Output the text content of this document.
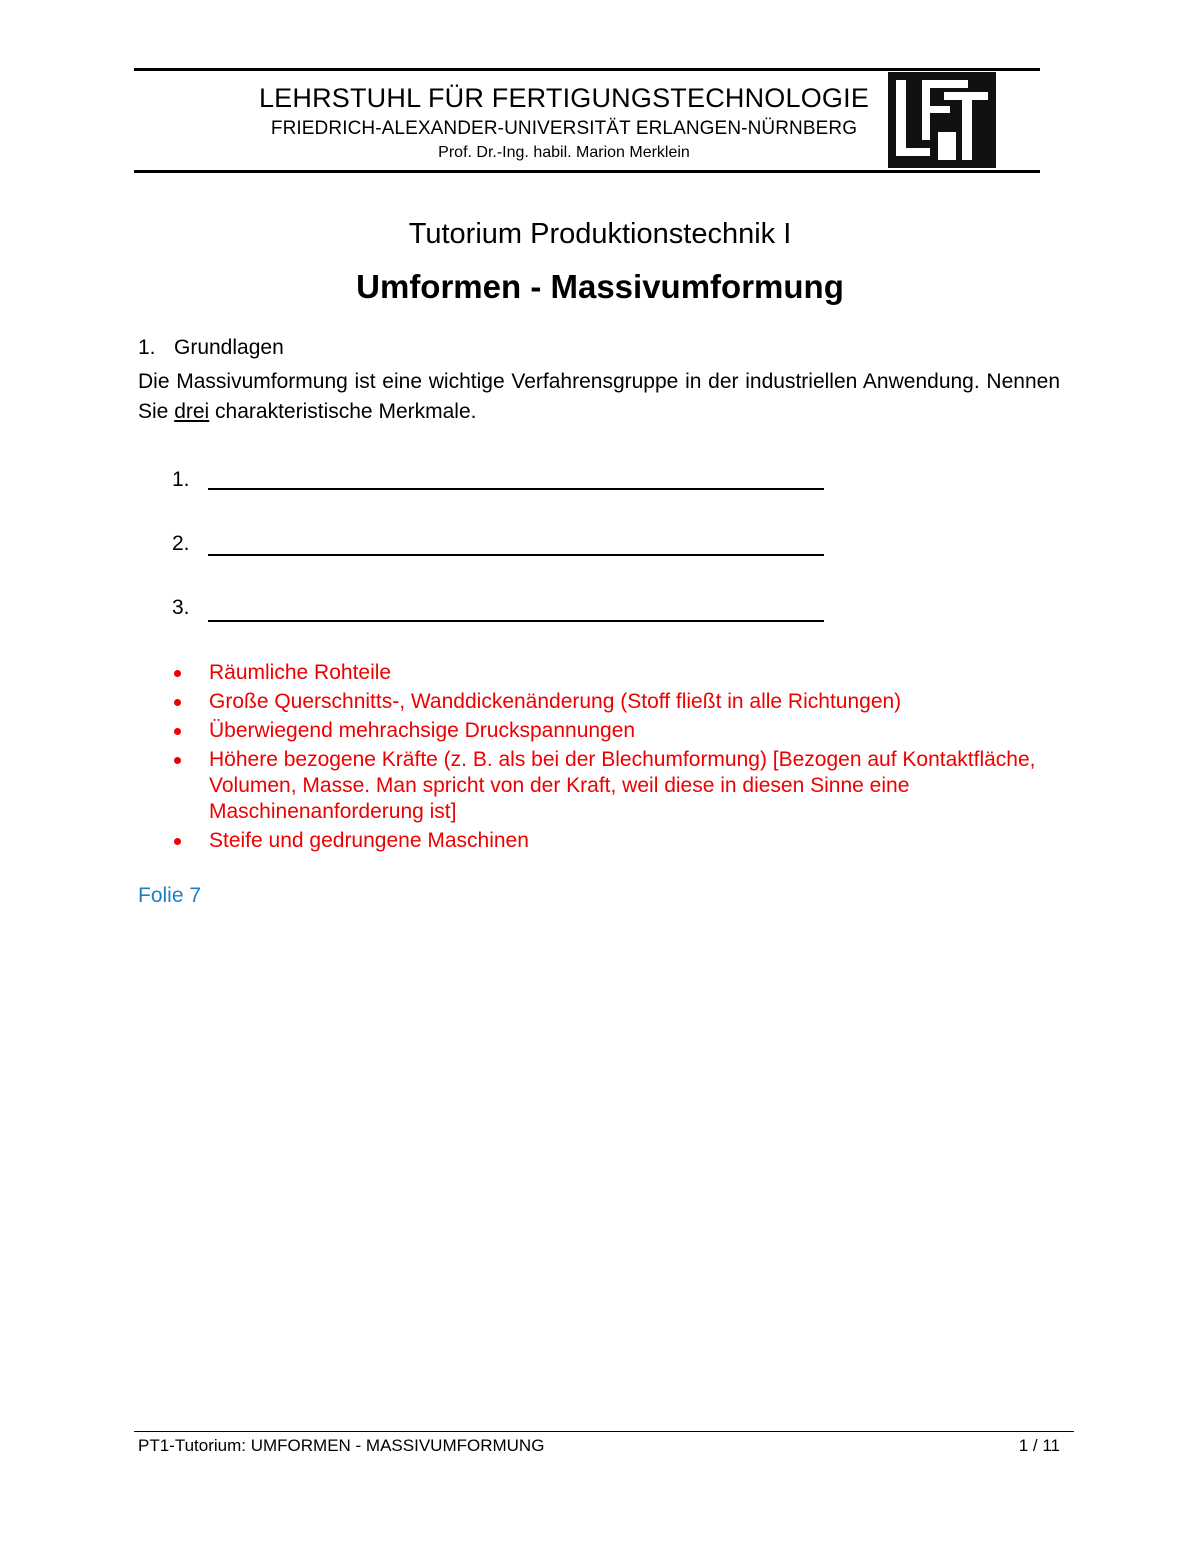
LEHRSTUHL FÜR FERTIGUNGSTECHNOLOGIE
FRIEDRICH-ALEXANDER-UNIVERSITÄT ERLANGEN-NÜRNBERG
Prof. Dr.-Ing. habil. Marion Merklein
Tutorium Produktionstechnik I
Umformen - Massivumformung
1. Grundlagen
Die Massivumformung ist eine wichtige Verfahrensgruppe in der industriellen Anwendung. Nennen Sie drei charakteristische Merkmale.
1.
2.
3.
Räumliche Rohteile
Große Querschnitts-, Wanddickenänderung (Stoff fließt in alle Richtungen)
Überwiegend mehrachsige Druckspannungen
Höhere bezogene Kräfte (z. B. als bei der Blechumformung) [Bezogen auf Kontaktfläche, Volumen, Masse. Man spricht von der Kraft, weil diese in diesen Sinne eine Maschinenanforderung ist]
Steife und gedrungene Maschinen
Folie 7
PT1-Tutorium: UMFORMEN - MASSIVUMFORMUNG	1 / 11
